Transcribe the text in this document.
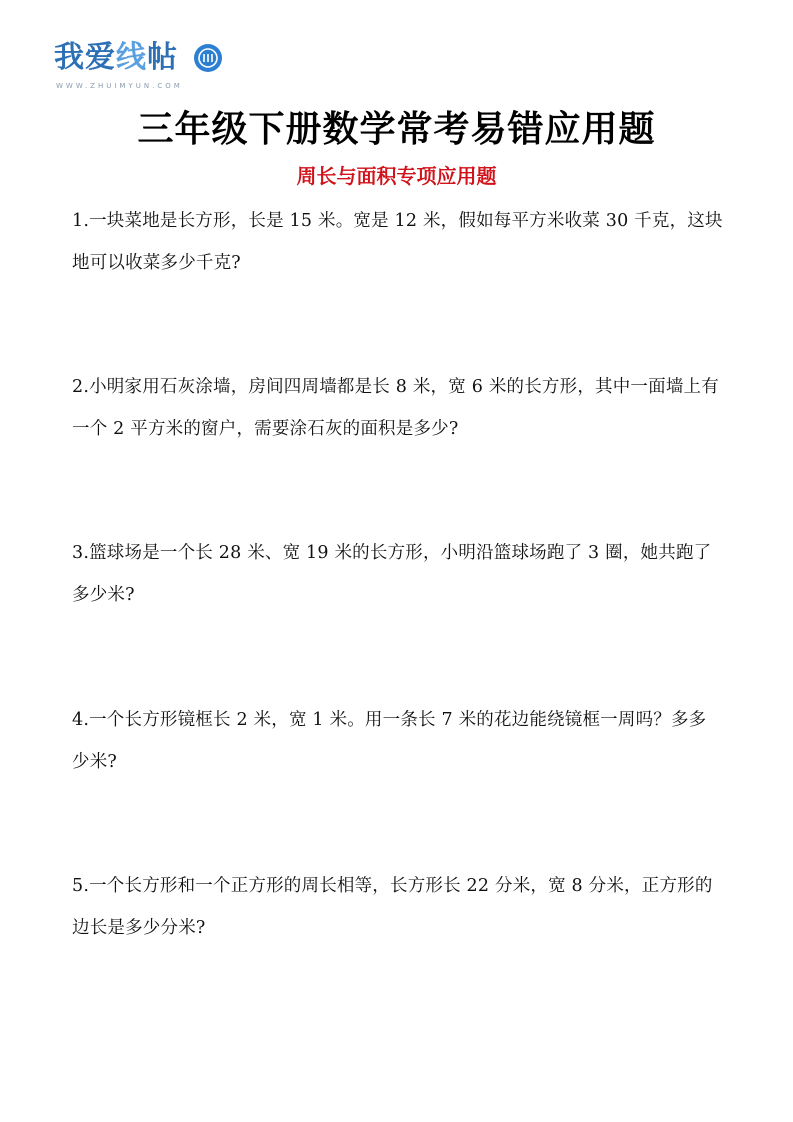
我爱线帖
WWW.ZHUIMYUN.COM
三年级下册数学常考易错应用题
周长与面积专项应用题
1.一块菜地是长方形，长是 15 米。宽是 12 米，假如每平方米收菜 30 千克，这块地可以收菜多少千克?
2.小明家用石灰涂墙，房间四周墙都是长 8 米，宽 6 米的长方形，其中一面墙上有一个 2 平方米的窗户，需要涂石灰的面积是多少?
3.篮球场是一个长 28 米、宽 19 米的长方形，小明沿篮球场跑了 3 圈，她共跑了多少米?
4.一个长方形镜框长 2 米，宽 1 米。用一条长 7 米的花边能绕镜框一周吗？多多少米?
5.一个长方形和一个正方形的周长相等，长方形长 22 分米，宽 8 分米，正方形的边长是多少分米?
